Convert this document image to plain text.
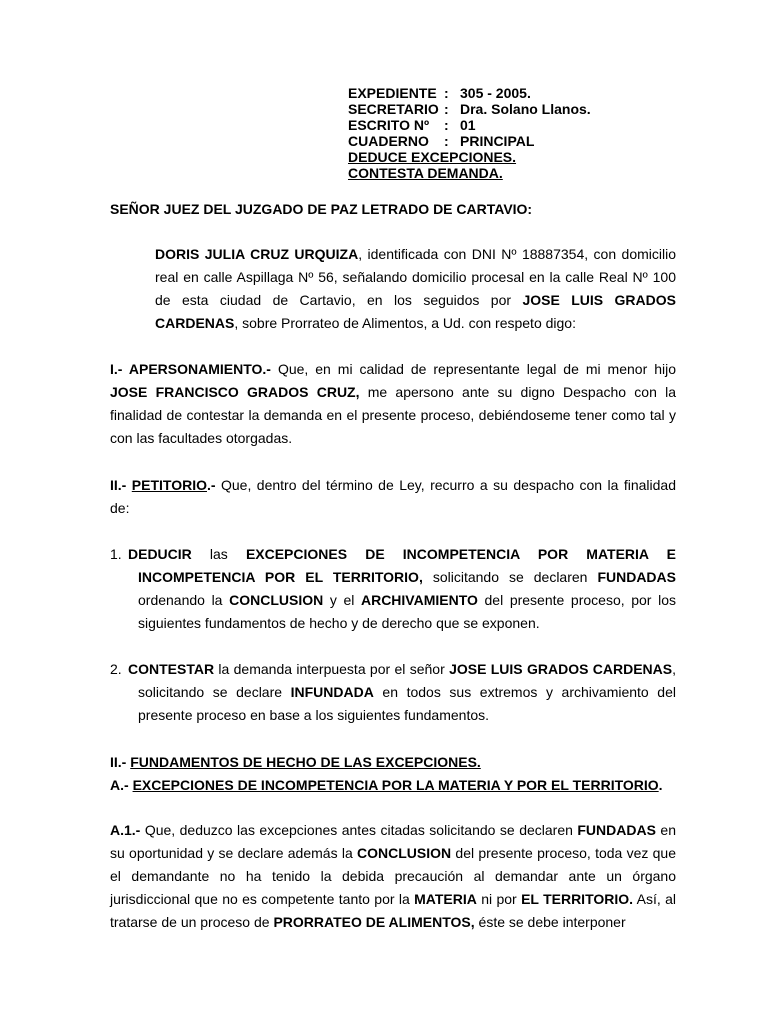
EXPEDIENTE : 305 - 2005.
SECRETARIO : Dra. Solano Llanos.
ESCRITO Nº : 01
CUADERNO : PRINCIPAL
DEDUCE EXCEPCIONES.
CONTESTA DEMANDA.
SEÑOR JUEZ DEL JUZGADO DE PAZ LETRADO DE CARTAVIO:
DORIS JULIA CRUZ URQUIZA, identificada con DNI Nº 18887354, con domicilio real en calle Aspillaga Nº 56, señalando domicilio procesal en la calle Real Nº 100 de esta ciudad de Cartavio, en los seguidos por JOSE LUIS GRADOS CARDENAS, sobre Prorrateo de Alimentos, a Ud. con respeto digo:
I.- APERSONAMIENTO.- Que, en mi calidad de representante legal de mi menor hijo JOSE FRANCISCO GRADOS CRUZ, me apersono ante su digno Despacho con la finalidad de contestar la demanda en el presente proceso, debiéndoseme tener como tal y con las facultades otorgadas.
II.- PETITORIO.- Que, dentro del término de Ley, recurro a su despacho con la finalidad de:
1. DEDUCIR las EXCEPCIONES DE INCOMPETENCIA POR MATERIA E INCOMPETENCIA POR EL TERRITORIO, solicitando se declaren FUNDADAS ordenando la CONCLUSION y el ARCHIVAMIENTO del presente proceso, por los siguientes fundamentos de hecho y de derecho que se exponen.
2. CONTESTAR la demanda interpuesta por el señor JOSE LUIS GRADOS CARDENAS, solicitando se declare INFUNDADA en todos sus extremos y archivamiento del presente proceso en base a los siguientes fundamentos.
II.- FUNDAMENTOS DE HECHO DE LAS EXCEPCIONES.
A.- EXCEPCIONES DE INCOMPETENCIA POR LA MATERIA Y POR EL TERRITORIO.
A.1.- Que, deduzco las excepciones antes citadas solicitando se declaren FUNDADAS en su oportunidad y se declare además la CONCLUSION del presente proceso, toda vez que el demandante no ha tenido la debida precaución al demandar ante un órgano jurisdiccional que no es competente tanto por la MATERIA ni por EL TERRITORIO. Así, al tratarse de un proceso de PRORRATEO DE ALIMENTOS, éste se debe interponer
